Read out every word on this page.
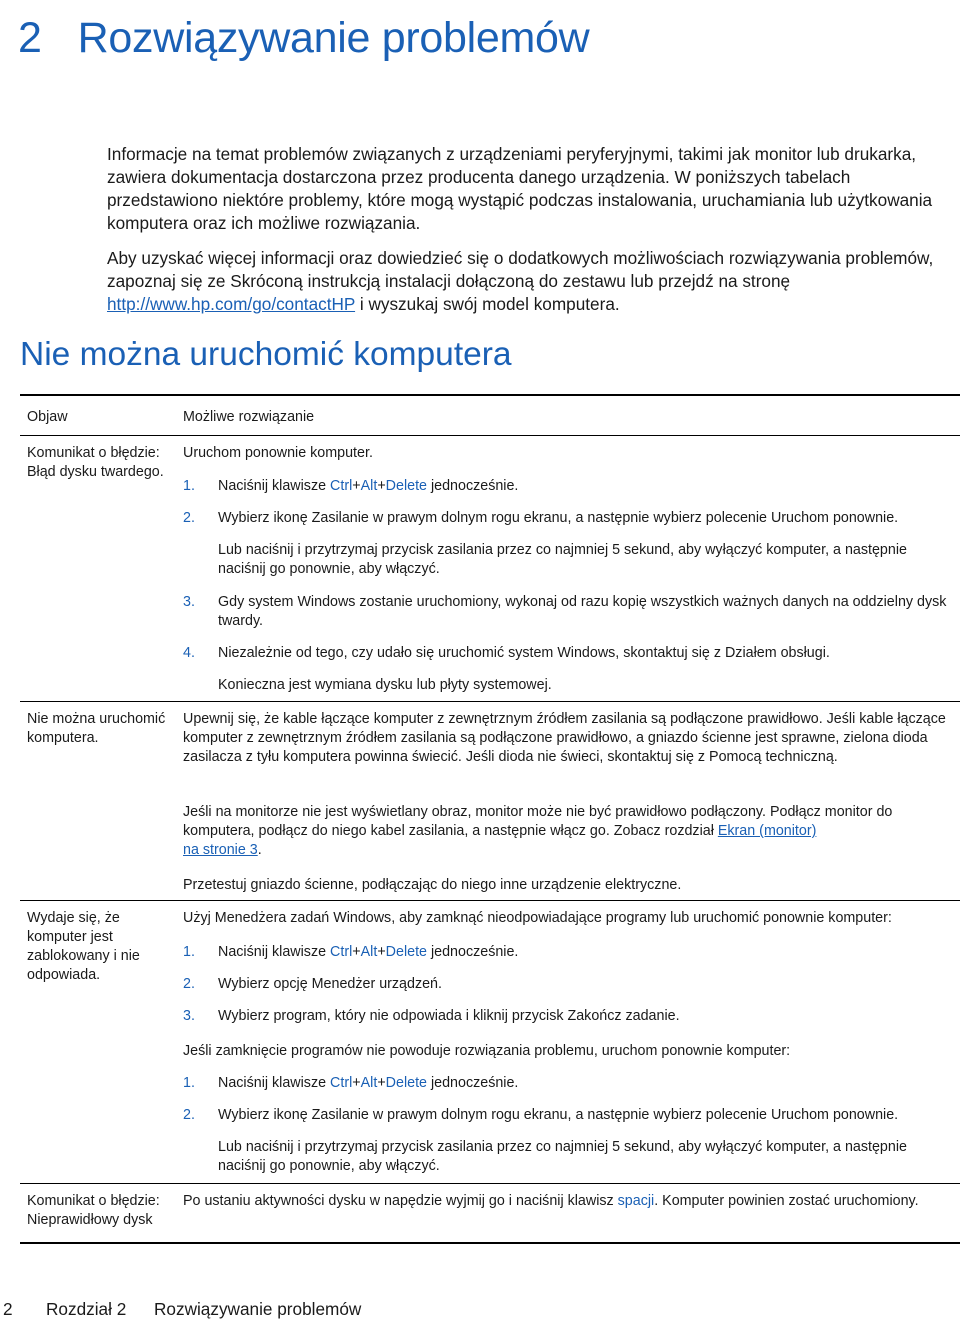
2 Rozwiązywanie problemów

Informacje na temat problemów związanych z urządzeniami peryferyjnymi, takimi jak monitor lub drukarka, zawiera dokumentacja dostarczona przez producenta danego urządzenia. W poniższych tabelach przedstawiono niektóre problemy, które mogą wystąpić podczas instalowania, uruchamiania lub użytkowania komputera oraz ich możliwe rozwiązania.

Aby uzyskać więcej informacji oraz dowiedzieć się o dodatkowych możliwościach rozwiązywania problemów, zapoznaj się ze Skróconą instrukcją instalacji dołączoną do zestawu lub przejdź na stronę http://www.hp.com/go/contactHP i wyszukaj swój model komputera.

Nie można uruchomić komputera

Objaw	Możliwe rozwiązanie

Komunikat o błędzie: Błąd dysku twardego.

Uruchom ponownie komputer.

1. Naciśnij klawisze Ctrl+Alt+Delete jednocześnie.

2. Wybierz ikonę Zasilanie w prawym dolnym rogu ekranu, a następnie wybierz polecenie Uruchom ponownie.

Lub naciśnij i przytrzymaj przycisk zasilania przez co najmniej 5 sekund, aby wyłączyć komputer, a następnie naciśnij go ponownie, aby włączyć.

3. Gdy system Windows zostanie uruchomiony, wykonaj od razu kopię wszystkich ważnych danych na oddzielny dysk twardy.

4. Niezależnie od tego, czy udało się uruchomić system Windows, skontaktuj się z Działem obsługi.

Konieczna jest wymiana dysku lub płyty systemowej.

Nie można uruchomić komputera.

Upewnij się, że kable łączące komputer z zewnętrznym źródłem zasilania są podłączone prawidłowo. Jeśli kable łączące komputer z zewnętrznym źródłem zasilania są podłączone prawidłowo, a gniazdo ścienne jest sprawne, zielona dioda zasilacza z tyłu komputera powinna świecić. Jeśli dioda nie świeci, skontaktuj się z Pomocą techniczną.

Jeśli na monitorze nie jest wyświetlany obraz, monitor może nie być prawidłowo podłączony. Podłącz monitor do komputera, podłącz do niego kabel zasilania, a następnie włącz go. Zobacz rozdział Ekran (monitor)
na stronie 3.

Przetestuj gniazdo ścienne, podłączając do niego inne urządzenie elektryczne.

Wydaje się, że komputer jest zablokowany i nie odpowiada.

Użyj Menedżera zadań Windows, aby zamknąć nieodpowiadające programy lub uruchomić ponownie komputer:

1. Naciśnij klawisze Ctrl+Alt+Delete jednocześnie.

2. Wybierz opcję Menedżer urządzeń.

3. Wybierz program, który nie odpowiada i kliknij przycisk Zakończ zadanie.

Jeśli zamknięcie programów nie powoduje rozwiązania problemu, uruchom ponownie komputer:

1. Naciśnij klawisze Ctrl+Alt+Delete jednocześnie.

2. Wybierz ikonę Zasilanie w prawym dolnym rogu ekranu, a następnie wybierz polecenie Uruchom ponownie.

Lub naciśnij i przytrzymaj przycisk zasilania przez co najmniej 5 sekund, aby wyłączyć komputer, a następnie naciśnij go ponownie, aby włączyć.

Komunikat o błędzie: Nieprawidłowy dysk

Po ustaniu aktywności dysku w napędzie wyjmij go i naciśnij klawisz spacji. Komputer powinien zostać uruchomiony.

2 Rozdział 2 Rozwiązywanie problemów
